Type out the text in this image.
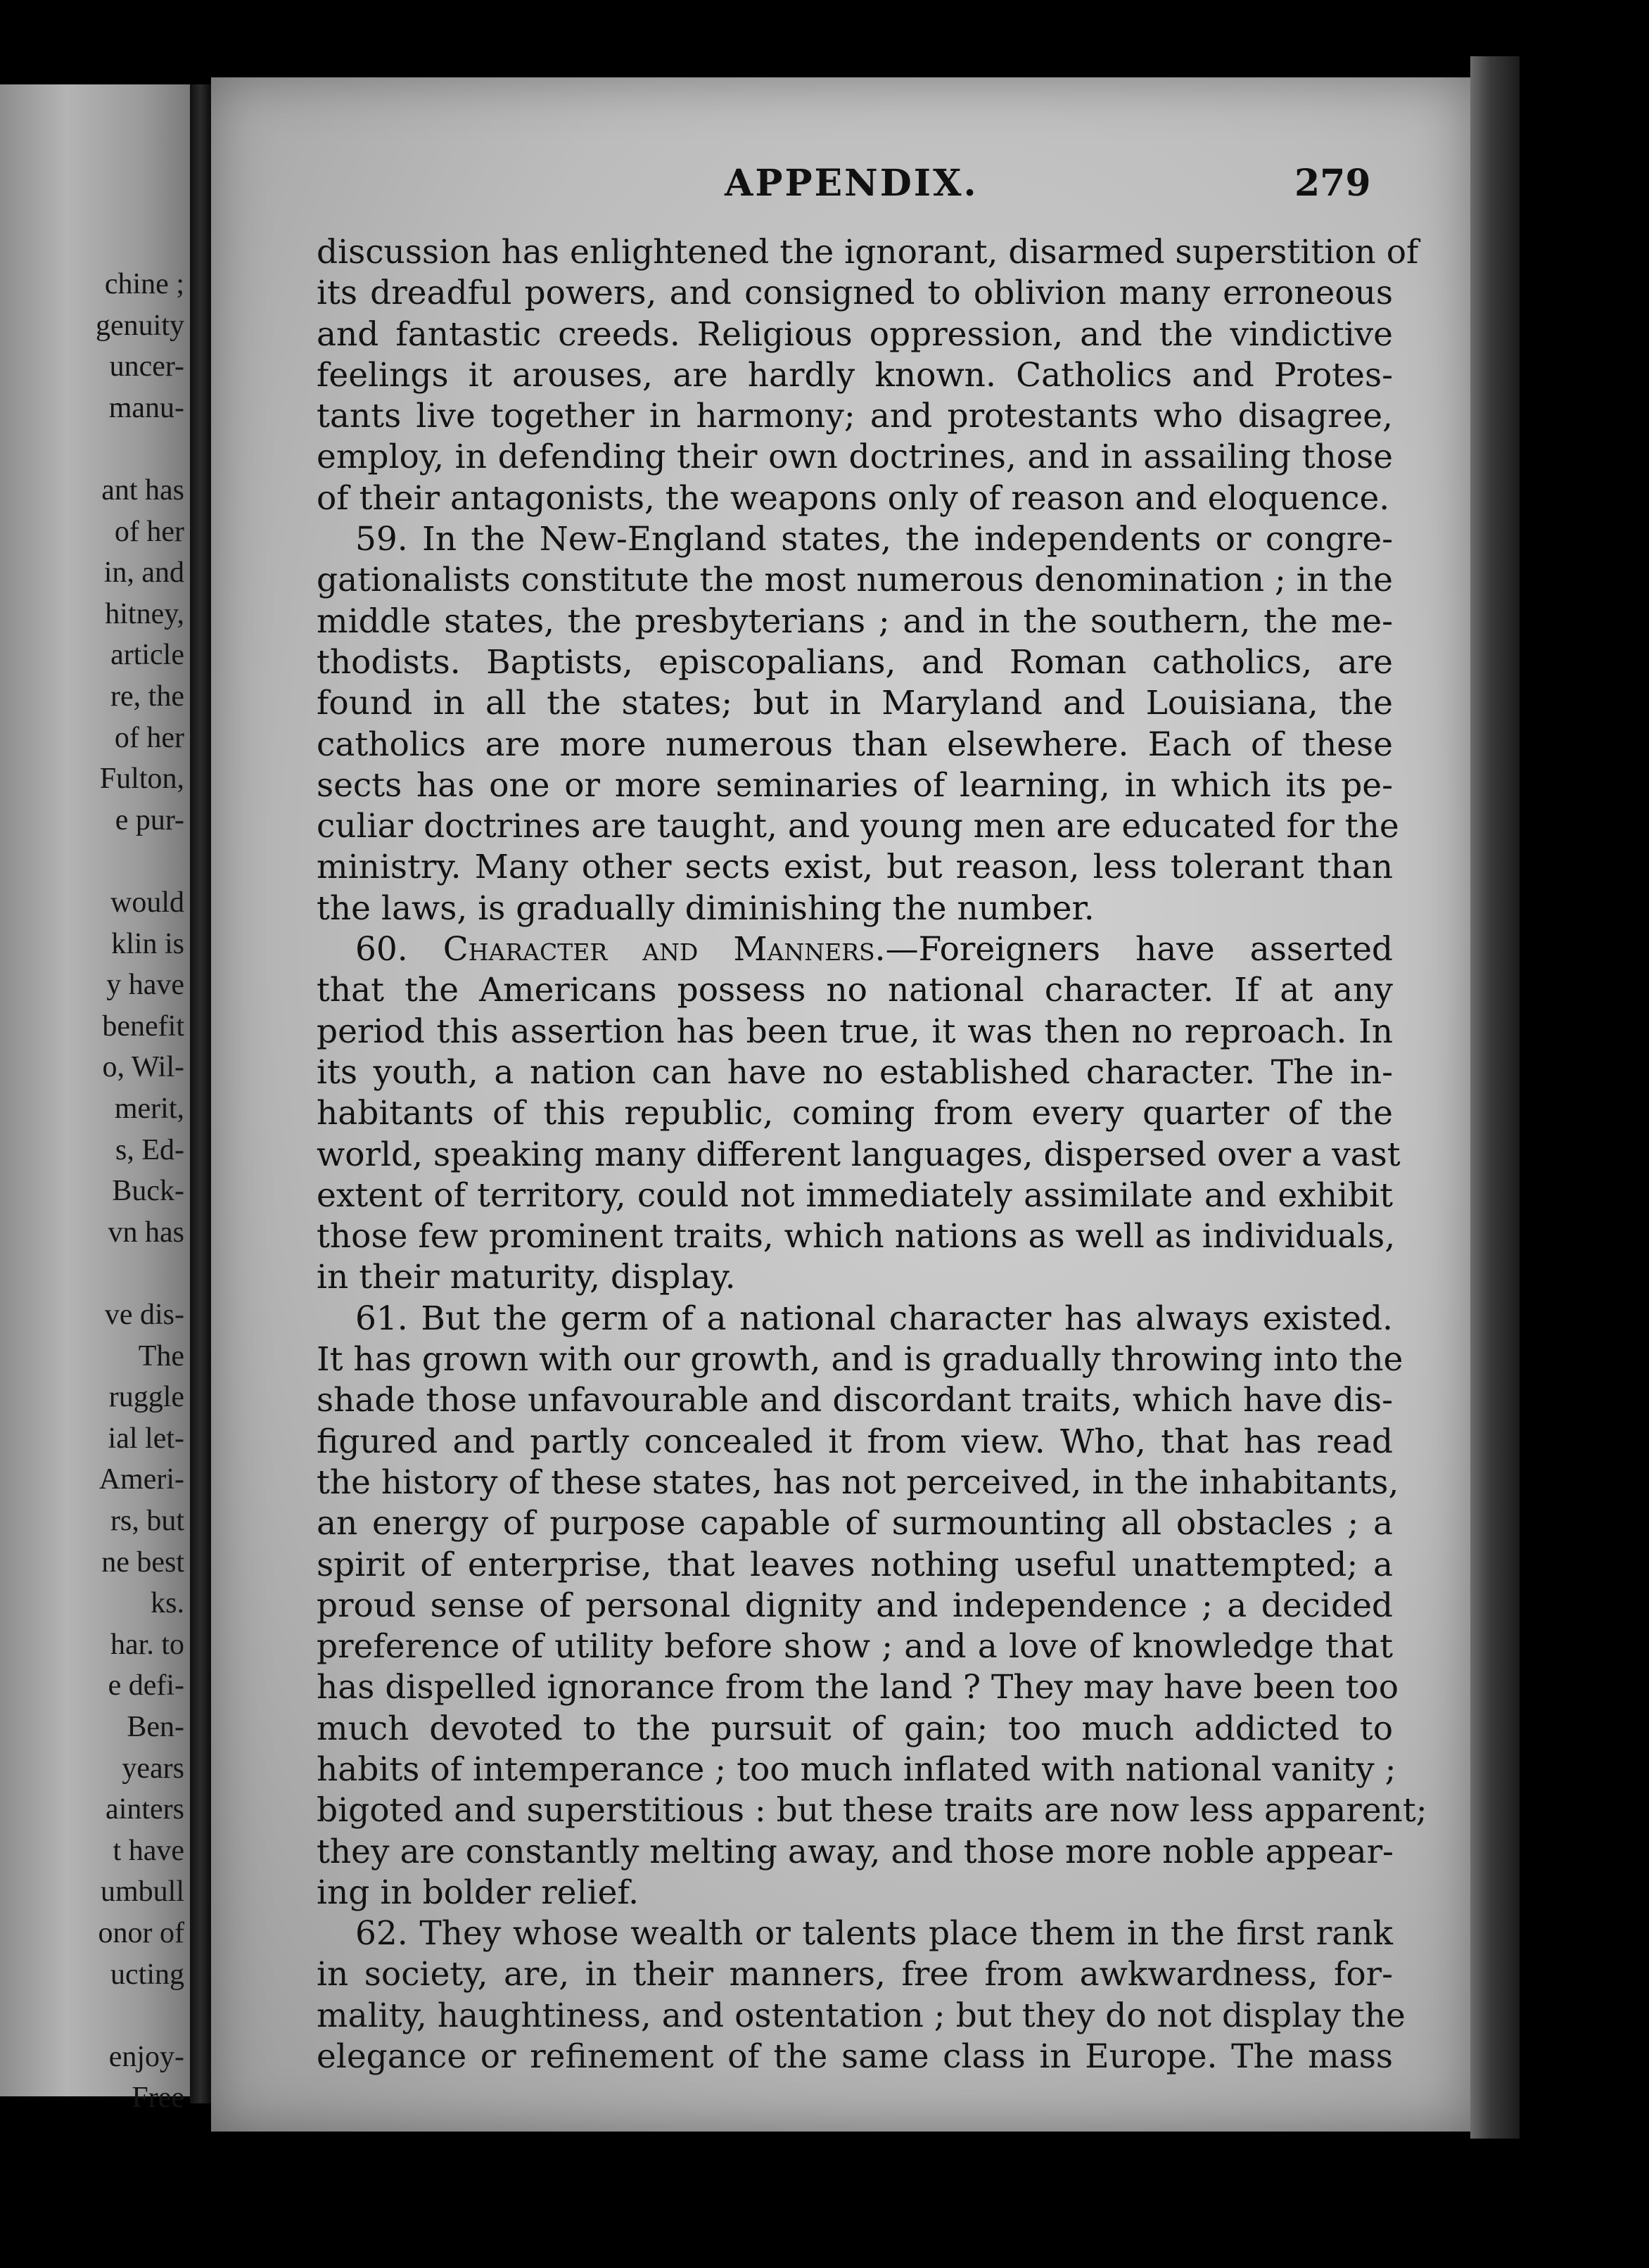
chine ;
genuity
uncer-
manu-
ant has
of her
in, and
hitney,
article
re, the
of her
Fulton,
e pur-
would
klin is
y have
benefit
o, Wil-
merit,
s, Ed-
Buck-
vn has
ve dis-
The
ruggle
ial let-
Ameri-
rs, but
ne best
ks.
har. to
e defi-
Ben-
years
ainters
t have
umbull
onor of
ucting
enjoy-
Free
APPENDIX.	279
discussion has enlightened the ignorant, disarmed superstition of
its dreadful powers, and consigned to oblivion many erroneous
and fantastic creeds. Religious oppression, and the vindictive
feelings it arouses, are hardly known. Catholics and Protes-
tants live together in harmony; and protestants who disagree,
employ, in defending their own doctrines, and in assailing those
of their antagonists, the weapons only of reason and eloquence.
59. In the New-England states, the independents or congre-
gationalists constitute the most numerous denomination ; in the
middle states, the presbyterians ; and in the southern, the me-
thodists. Baptists, episcopalians, and Roman catholics, are
found in all the states; but in Maryland and Louisiana, the
catholics are more numerous than elsewhere. Each of these
sects has one or more seminaries of learning, in which its pe-
culiar doctrines are taught, and young men are educated for the
ministry. Many other sects exist, but reason, less tolerant than
the laws, is gradually diminishing the number.
60. Character and Manners.—Foreigners have asserted
that the Americans possess no national character. If at any
period this assertion has been true, it was then no reproach. In
its youth, a nation can have no established character. The in-
habitants of this republic, coming from every quarter of the
world, speaking many different languages, dispersed over a vast
extent of territory, could not immediately assimilate and exhibit
those few prominent traits, which nations as well as individuals,
in their maturity, display.
61. But the germ of a national character has always existed.
It has grown with our growth, and is gradually throwing into the
shade those unfavourable and discordant traits, which have dis-
figured and partly concealed it from view. Who, that has read
the history of these states, has not perceived, in the inhabitants,
an energy of purpose capable of surmounting all obstacles ; a
spirit of enterprise, that leaves nothing useful unattempted; a
proud sense of personal dignity and independence ; a decided
preference of utility before show ; and a love of knowledge that
has dispelled ignorance from the land ? They may have been too
much devoted to the pursuit of gain; too much addicted to
habits of intemperance ; too much inflated with national vanity ;
bigoted and superstitious : but these traits are now less apparent;
they are constantly melting away, and those more noble appear-
ing in bolder relief.
62. They whose wealth or talents place them in the first rank
in society, are, in their manners, free from awkwardness, for-
mality, haughtiness, and ostentation ; but they do not display the
elegance or refinement of the same class in Europe. The mass
